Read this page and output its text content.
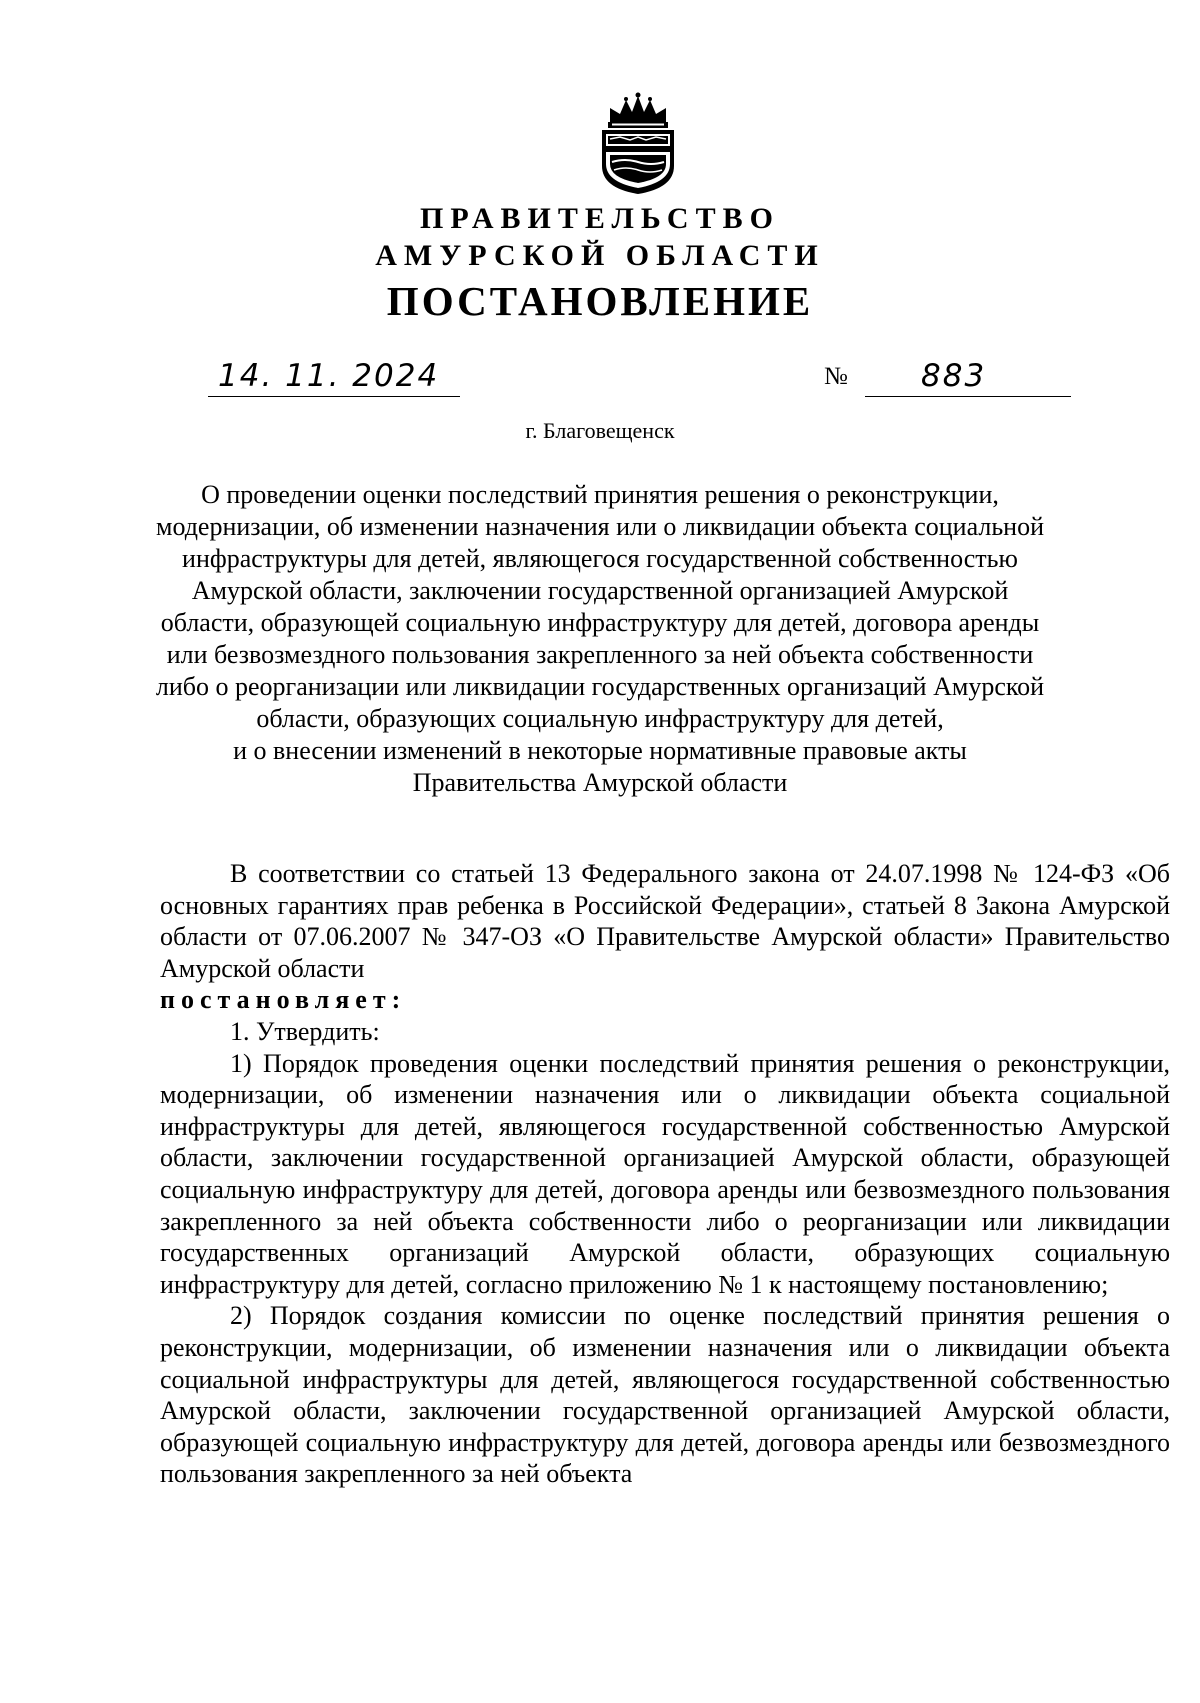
ПРАВИТЕЛЬСТВО
АМУРСКОЙ ОБЛАСТИ
ПОСТАНОВЛЕНИЕ
14. 11. 2024	№	883
г. Благовещенск
О проведении оценки последствий принятия решения о реконструкции,
модернизации, об изменении назначения или о ликвидации объекта социальной
инфраструктуры для детей, являющегося государственной собственностью
Амурской области, заключении государственной организацией Амурской
области, образующей социальную инфраструктуру для детей, договора аренды
или безвозмездного пользования закрепленного за ней объекта собственности
либо о реорганизации или ликвидации государственных организаций Амурской
области, образующих социальную инфраструктуру для детей,
и о внесении изменений в некоторые нормативные правовые акты
Правительства Амурской области

В соответствии со статьей 13 Федерального закона от 24.07.1998 № 124-ФЗ «Об основных гарантиях прав ребенка в Российской Федерации», статьей 8 Закона Амурской области от 07.06.2007 № 347-ОЗ «О Правительстве Амурской области» Правительство Амурской области

постановляет:

1. Утвердить:

1) Порядок проведения оценки последствий принятия решения о реконструкции, модернизации, об изменении назначения или о ликвидации объекта социальной инфраструктуры для детей, являющегося государственной собственностью Амурской области, заключении государственной организацией Амурской области, образующей социальную инфраструктуру для детей, договора аренды или безвозмездного пользования закрепленного за ней объекта собственности либо о реорганизации или ликвидации государственных организаций Амурской области, образующих социальную инфраструктуру для детей, согласно приложению № 1 к настоящему постановлению;

2) Порядок создания комиссии по оценке последствий принятия решения о реконструкции, модернизации, об изменении назначения или о ликвидации объекта социальной инфраструктуры для детей, являющегося государственной собственностью Амурской области, заключении государственной организацией Амурской области, образующей социальную инфраструктуру для детей, договора аренды или безвозмездного пользования закрепленного за ней объекта
